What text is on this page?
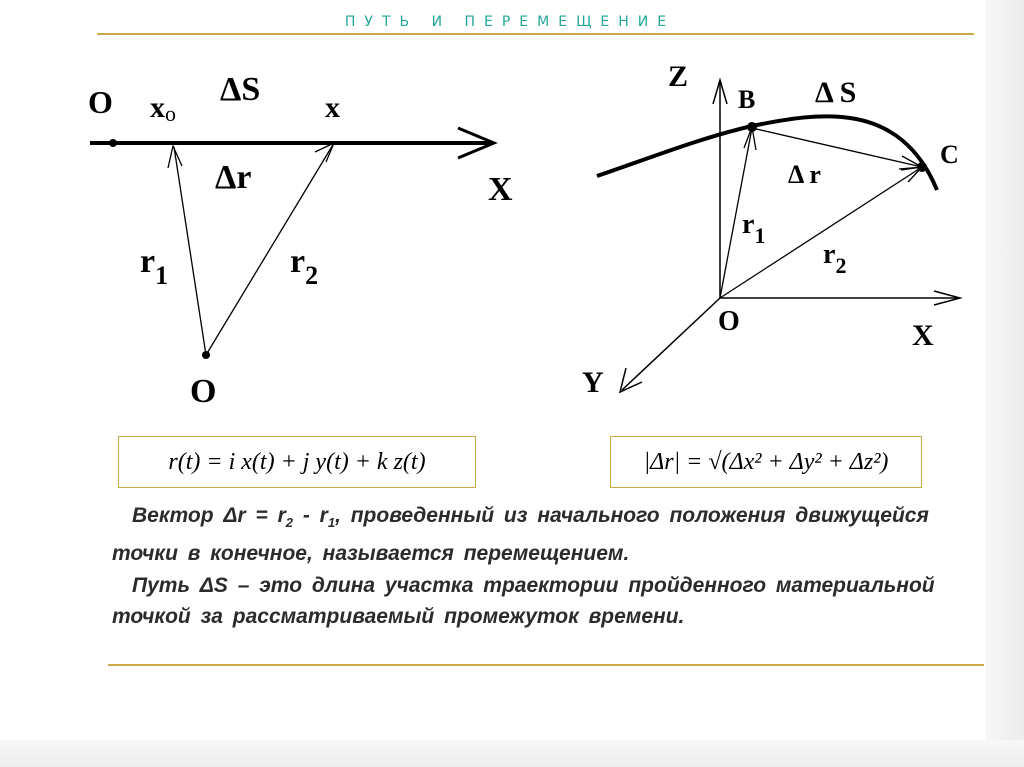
ПУТЬ И ПЕРЕМЕЩЕНИЕ
O xo
ΔS x
X
Δr
$r_1$	$r_2$
O
Z
B Δ S
C
Δ r
$r_1$
$r_2$
O	X
Y
r(t) = i x(t) + j y(t) + k z(t)	|Δr| = √(Δx² + Δy² + Δz²)
Вектор $\Delta r = r_2 - r_1$, проведенный из начального положения движущейся точки в конечное, называется перемещением.
Путь ΔS – это длина участка траектории пройденного материальной точкой за рассматриваемый промежуток времени.
